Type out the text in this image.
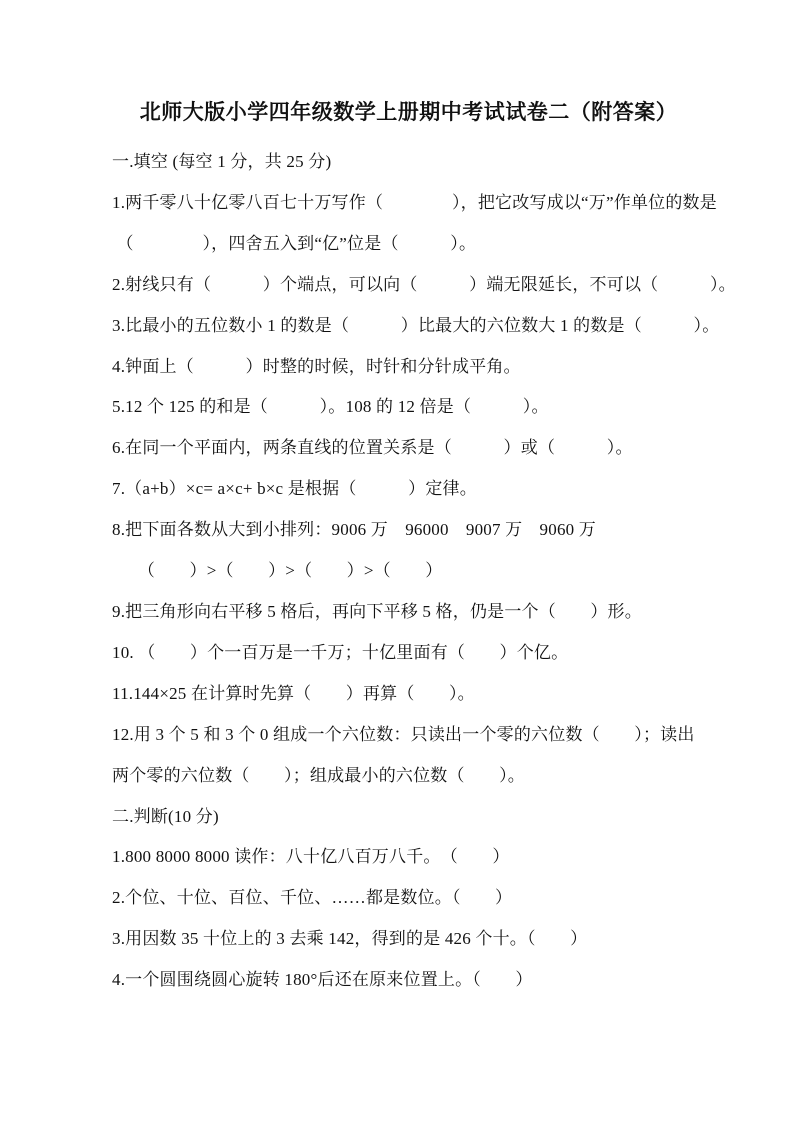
北师大版小学四年级数学上册期中考试试卷二（附答案）

一.填空 (每空 1 分，共 25 分)

1.两千零八十亿零八百七十万写作（　　　　），把它改写成以“万”作单位的数是

（　　　　），四舍五入到“亿”位是（　　　）。

2.射线只有（　　　）个端点，可以向（　　　）端无限延长，不可以（　　　）。

3.比最小的五位数小 1 的数是（　　　）比最大的六位数大 1 的数是（　　　）。

4.钟面上（　　　）时整的时候，时针和分针成平角。

5.12 个 125 的和是（　　　）。108 的 12 倍是（　　　）。

6.在同一个平面内，两条直线的位置关系是（　　　）或（　　　）。

7.（a+b）×c= a×c+ b×c 是根据（　　　）定律。

8.把下面各数从大到小排列：9006 万　96000　9007 万　9060 万

　　（　　）>（　　）>（　　）>（　　）

9.把三角形向右平移 5 格后，再向下平移 5 格，仍是一个（　　）形。

10. （　　）个一百万是一千万；十亿里面有（　　）个亿。

11.144×25 在计算时先算（　　）再算（　　）。

12.用 3 个 5 和 3 个 0 组成一个六位数：只读出一个零的六位数（　　）；读出

两个零的六位数（　　）；组成最小的六位数（　　）。

二.判断(10 分)

1.800 8000 8000 读作：八十亿八百万八千。　（　　）

2.个位、十位、百位、千位、……都是数位。（　　）

3.用因数 35 十位上的 3 去乘 142，得到的是 426 个十。（　　）

4.一个圆围绕圆心旋转 180°后还在原来位置上。（　　）
